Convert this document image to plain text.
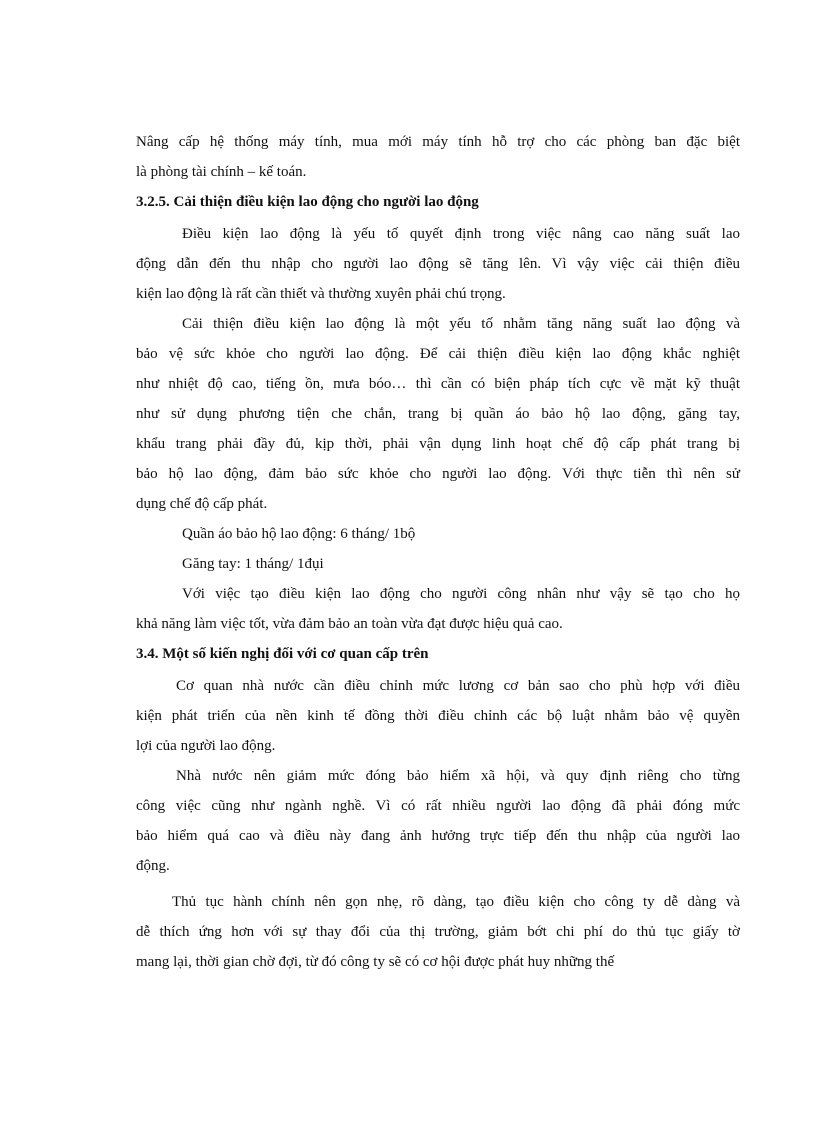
Nâng cấp hệ thống máy tính, mua mới máy tính hỗ trợ cho các phòng ban đặc biệt
là phòng tài chính – kế toán.
3.2.5. Cải thiện điều kiện lao động cho người lao động
Điều kiện lao động là yếu tố quyết định trong việc nâng cao năng suất lao
động dẫn đến thu nhập cho người lao động sẽ tăng lên. Vì vậy việc cải thiện điều
kiện lao động là rất cần thiết và thường xuyên phải chú trọng.
Cải thiện điều kiện lao động là một yếu tố nhằm tăng năng suất lao động và
bảo vệ sức khỏe cho người lao động. Để cải thiện điều kiện lao động khắc nghiệt
như nhiệt độ cao, tiếng ồn, mưa bóo… thì cần có biện pháp tích cực về mặt kỹ thuật
như sử dụng phương tiện che chắn, trang bị quần áo bảo hộ lao động, găng tay,
khẩu trang phải đầy đủ, kịp thời, phải vận dụng linh hoạt chế độ cấp phát trang bị
bảo hộ lao động, đảm bảo sức khỏe cho người lao động. Với thực tiễn thì nên sử
dụng chế độ cấp phát.
Quần áo bảo hộ lao động: 6 tháng/ 1bộ
Găng tay: 1 tháng/ 1đụi
Với việc tạo điều kiện lao động cho người công nhân như vậy sẽ tạo cho họ
khả năng làm việc tốt, vừa đảm bảo an toàn vừa đạt được hiệu quả cao.
3.4. Một số kiến nghị đối với cơ quan cấp trên
Cơ quan nhà nước cần điều chỉnh mức lương cơ bản sao cho phù hợp với điều
kiện phát triển của nền kinh tế đồng thời điều chỉnh các bộ luật nhằm bảo vệ quyền
lợi của người lao động.
Nhà nước nên giảm mức đóng bảo hiểm xã hội, và quy định riêng cho từng
công việc cũng như ngành nghề. Vì có rất nhiều người lao động đã phải đóng mức
bảo hiểm quá cao và điều này đang ảnh hưởng trực tiếp đến thu nhập của người lao
động.
Thủ tục hành chính nên gọn nhẹ, rõ dàng, tạo điều kiện cho công ty dễ dàng và
dễ thích ứng hơn với sự thay đổi của thị trường, giảm bớt chi phí do thủ tục giấy tờ
mang lại, thời gian chờ đợi, từ đó công ty sẽ có cơ hội được phát huy những thế
